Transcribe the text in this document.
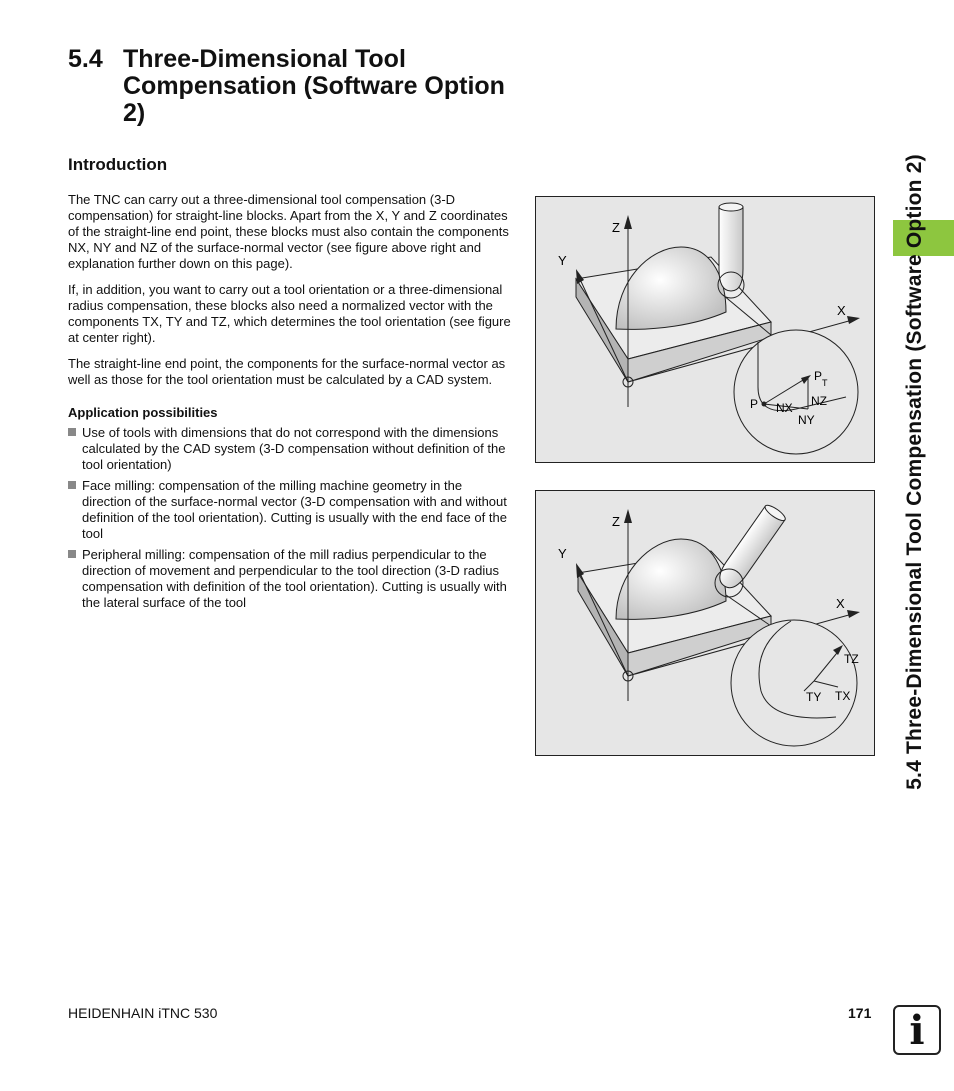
5.4 Three-Dimensional Tool Compensation (Software Option 2)
Introduction

The TNC can carry out a three-dimensional tool compensation (3-D compensation) for straight-line blocks. Apart from the X, Y and Z coordinates of the straight-line end point, these blocks must also contain the components NX, NY and NZ of the surface-normal vector (see figure above right and explanation further down on this page).

If, in addition, you want to carry out a tool orientation or a three-dimensional radius compensation, these blocks also need a normalized vector with the components TX, TY and TZ, which determines the tool orientation (see figure at center right).

The straight-line end point, the components for the surface-normal vector as well as those for the tool orientation must be calculated by a CAD system.

Application possibilities
Use of tools with dimensions that do not correspond with the dimensions calculated by the CAD system (3-D compensation without definition of the tool orientation)
Face milling: compensation of the milling machine geometry in the direction of the surface-normal vector (3-D compensation with and without definition of the tool orientation). Cutting is usually with the end face of the tool
Peripheral milling: compensation of the mill radius perpendicular to the direction of movement and perpendicular to the tool direction (3-D radius compensation with definition of the tool orientation). Cutting is usually with the lateral surface of the tool
Z
Y
X
P
P T
NX NZ
NY
Z
Y
X
TZ
TY TX	5.4 Three-Dimensional Tool Compensation (Software Option 2)
HEIDENHAIN iTNC 530	171 i
